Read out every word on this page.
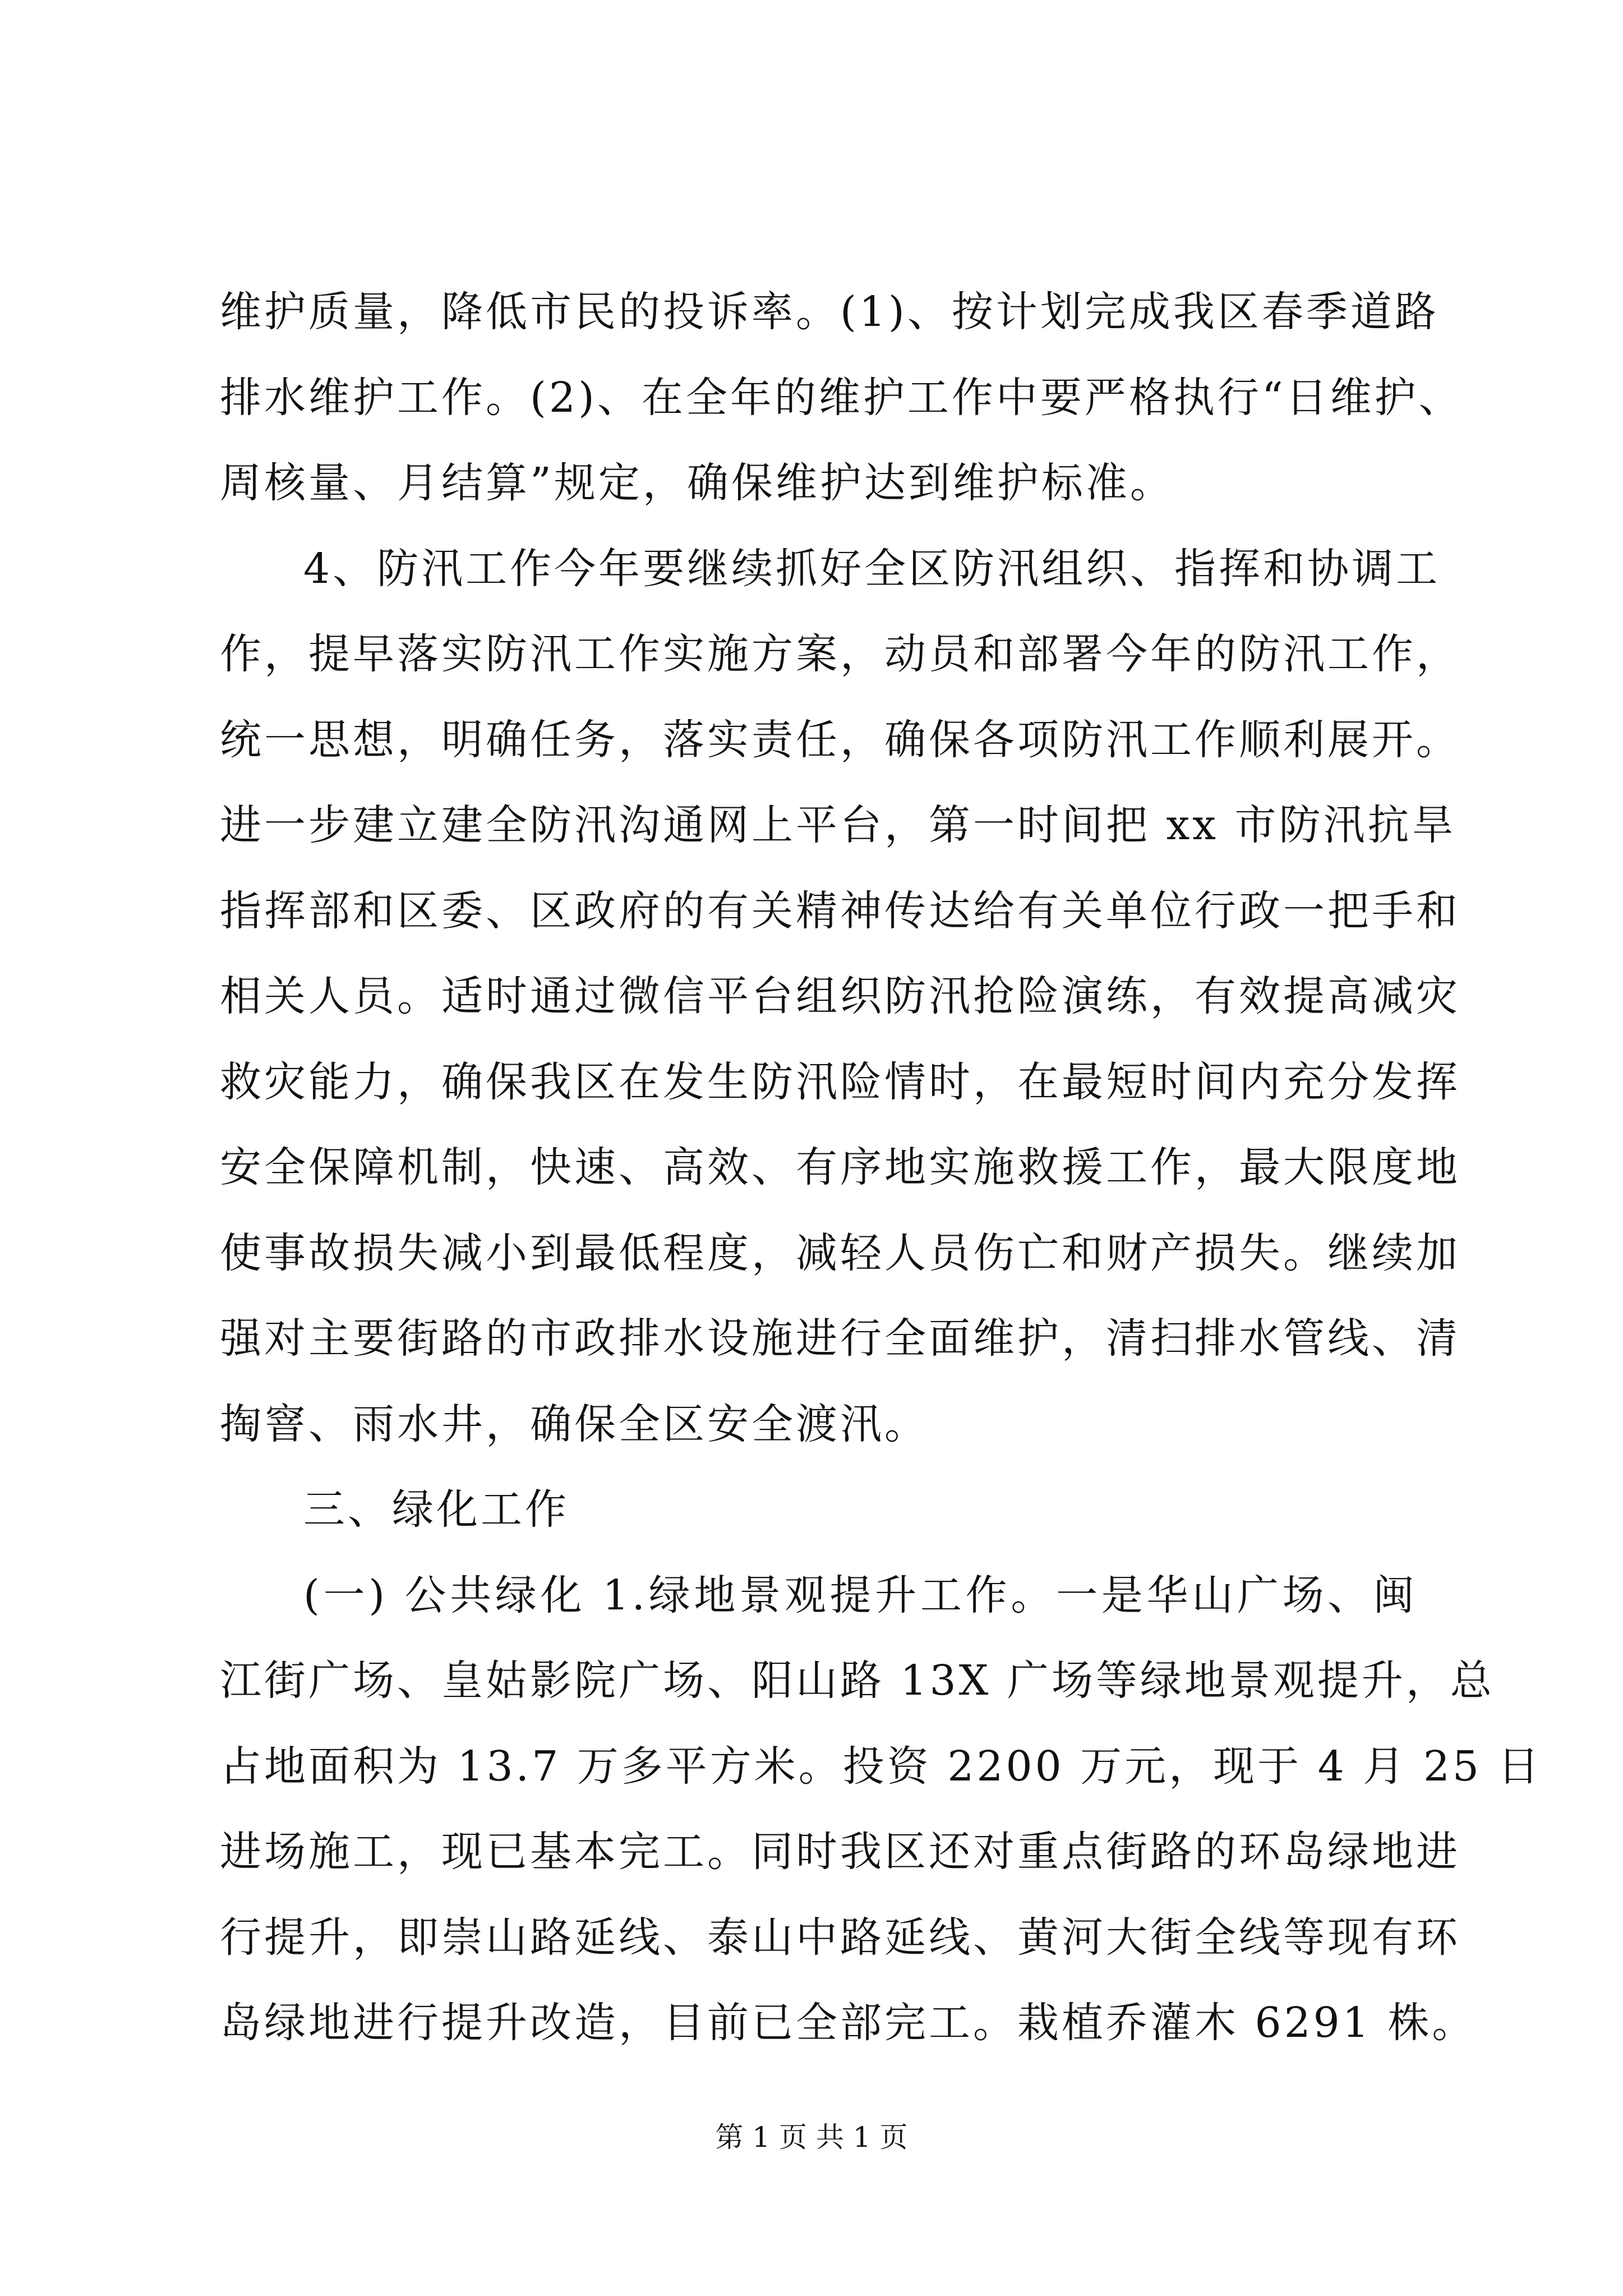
维护质量，降低市民的投诉率。(1)、按计划完成我区春季道路
排水维护工作。(2)、在全年的维护工作中要严格执行“日维护、
周核量、月结算”规定，确保维护达到维护标准。

4、防汛工作今年要继续抓好全区防汛组织、指挥和协调工
作，提早落实防汛工作实施方案，动员和部署今年的防汛工作，
统一思想，明确任务，落实责任，确保各项防汛工作顺利展开。
进一步建立建全防汛沟通网上平台，第一时间把 xx 市防汛抗旱
指挥部和区委、区政府的有关精神传达给有关单位行政一把手和
相关人员。适时通过微信平台组织防汛抢险演练，有效提高减灾
救灾能力，确保我区在发生防汛险情时，在最短时间内充分发挥
安全保障机制，快速、高效、有序地实施救援工作，最大限度地
使事故损失减小到最低程度，减轻人员伤亡和财产损失。继续加
强对主要街路的市政排水设施进行全面维护，清扫排水管线、清
掏窨、雨水井，确保全区安全渡汛。

三、绿化工作

(一) 公共绿化 1.绿地景观提升工作。一是华山广场、闽
江街广场、皇姑影院广场、阳山路 13X 广场等绿地景观提升，总
占地面积为 13.7 万多平方米。投资 2200 万元，现于 4 月 25 日
进场施工，现已基本完工。同时我区还对重点街路的环岛绿地进
行提升，即崇山路延线、泰山中路延线、黄河大街全线等现有环
岛绿地进行提升改造，目前已全部完工。栽植乔灌木 6291 株。

第 1 页 共 1 页
